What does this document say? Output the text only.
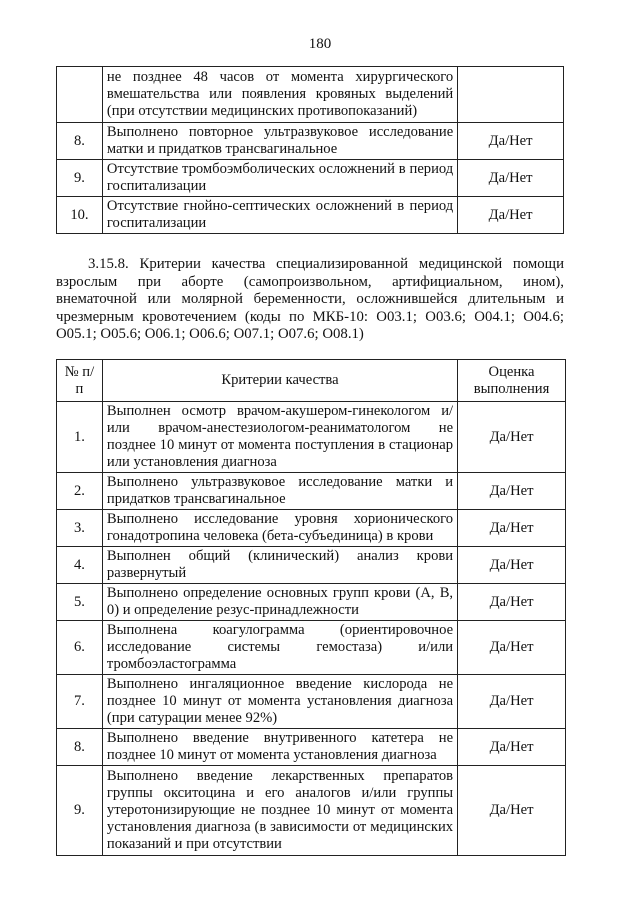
180
	не позднее 48 часов от момента хирургического вмешательства или появления кровяных выделений (при отсутствии медицинских противопоказаний)	
8.	Выполнено повторное ультразвуковое исследование матки и придатков трансвагинальное	Да/Нет
9.	Отсутствие тромбоэмболических осложнений в период госпитализации	Да/Нет
10.	Отсутствие гнойно-септических осложнений в период госпитализации	Да/Нет

3.15.8. Критерии качества специализированной медицинской помощи взрослым при аборте (самопроизвольном, артифициальном, ином), внематочной или молярной беременности, осложнившейся длительным и чрезмерным кровотечением (коды по МКБ-10: O03.1; O03.6; O04.1; O04.6; O05.1; O05.6; O06.1; O06.6; O07.1; O07.6; O08.1)

№ п/п	Критерии качества	Оценка выполнения
1.	Выполнен осмотр врачом-акушером-гинекологом и/или врачом-анестезиологом-реаниматологом не позднее 10 минут от момента поступления в стационар или установления диагноза	Да/Нет
2.	Выполнено ультразвуковое исследование матки и придатков трансвагинальное	Да/Нет
3.	Выполнено исследование уровня хорионического гонадотропина человека (бета-субъединица) в крови	Да/Нет
4.	Выполнен общий (клинический) анализ крови развернутый	Да/Нет
5.	Выполнено определение основных групп крови (A, B, 0) и определение резус-принадлежности	Да/Нет
6.	Выполнена коагулограмма (ориентировочное исследование системы гемостаза) и/или тромбоэластограмма	Да/Нет
7.	Выполнено ингаляционное введение кислорода не позднее 10 минут от момента установления диагноза (при сатурации менее 92%)	Да/Нет
8.	Выполнено введение внутривенного катетера не позднее 10 минут от момента установления диагноза	Да/Нет
9.	Выполнено введение лекарственных препаратов группы окситоцина и его аналогов и/или группы утеротонизирующие не позднее 10 минут от момента установления диагноза (в зависимости от медицинских показаний и при отсутствии	Да/Нет
